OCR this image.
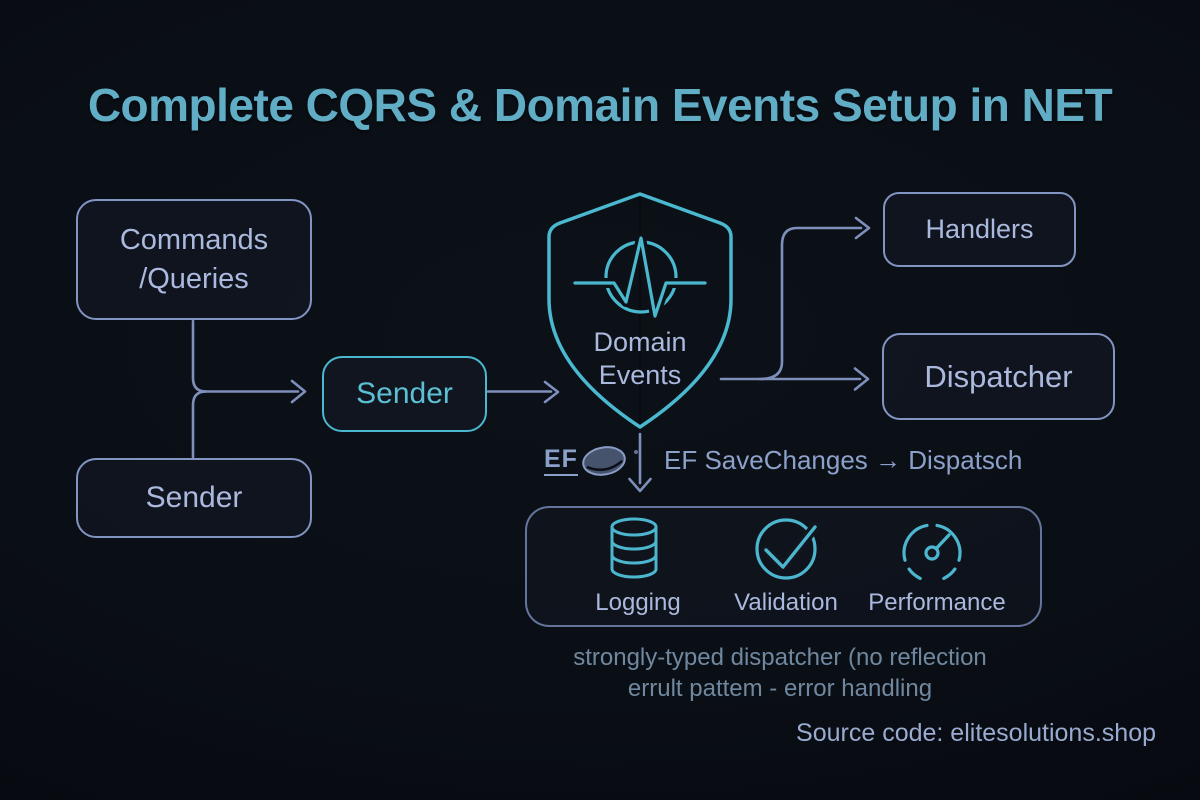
Complete CQRS & Domain Events Setup in NET
Commands
/Queries
Sender
Sender
Domain
Events
Handlers
Dispatcher
EF	EF SaveChanges → Dispatsch
Logging	Validation	Performance
strongly-typed dispatcher (no reflection
errult pattem - error handling
Source code: elitesolutions.shop
